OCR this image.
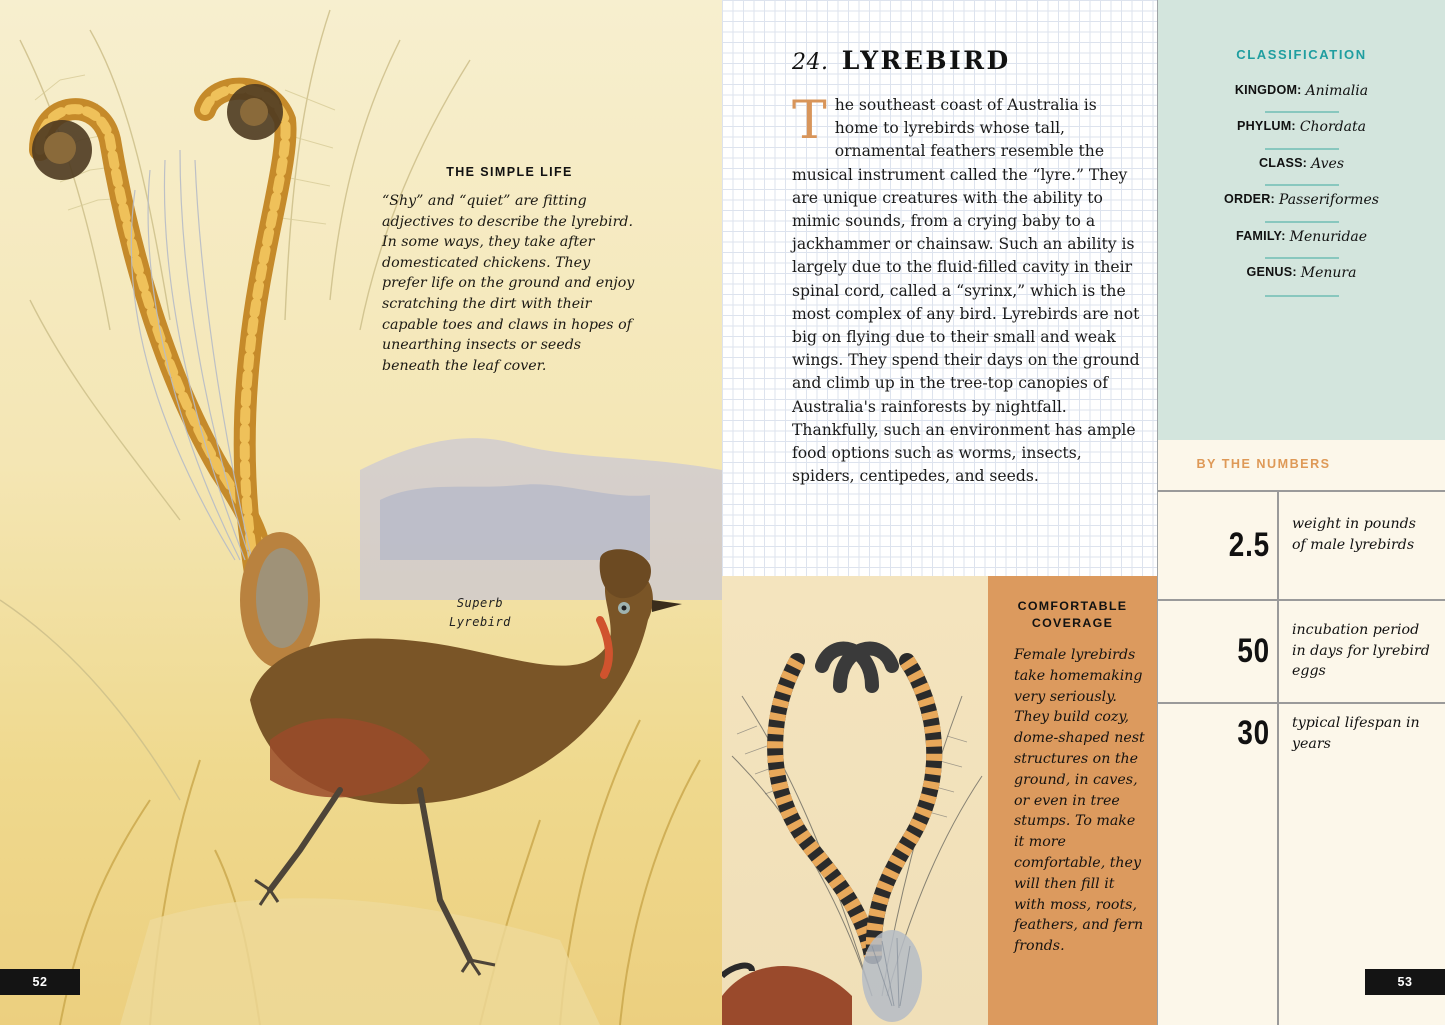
THE SIMPLE LIFE
“Shy” and “quiet” are fitting adjectives to describe the lyrebird. In some ways, they take after domesticated chickens. They prefer life on the ground and enjoy scratching the dirt with their capable toes and claws in hopes of unearthing insects or seeds beneath the leaf cover.
Superb
Lyrebird
52
24. LYREBIRD
T he southeast coast of Australia is home to lyrebirds whose tall, ornamental feathers resemble the musical instrument called the “lyre.” They are unique creatures with the ability to mimic sounds, from a crying baby to a jackhammer or chainsaw. Such an ability is largely due to the fluid-filled cavity in their spinal cord, called a “syrinx,” which is the most complex of any bird. Lyrebirds are not big on flying due to their small and weak wings. They spend their days on the ground and climb up in the tree-top canopies of Australia's rainforests by nightfall. Thankfully, such an environment has ample food options such as worms, insects, spiders, centipedes, and seeds.
COMFORTABLE
COVERAGE
Female lyrebirds take homemaking very seriously. They build cozy, dome-shaped nest structures on the ground, in caves, or even in tree stumps. To make it more comfortable, they will then fill it with moss, roots, feathers, and fern fronds.
CLASSIFICATION
KINGDOM: Animalia
PHYLUM: Chordata
CLASS: Aves
ORDER: Passeriformes
FAMILY: Menuridae
GENUS: Menura
BY THE NUMBERS
2.5
weight in pounds of male lyrebirds
50
incubation period in days for lyrebird eggs
30 typical lifespan in years
53
